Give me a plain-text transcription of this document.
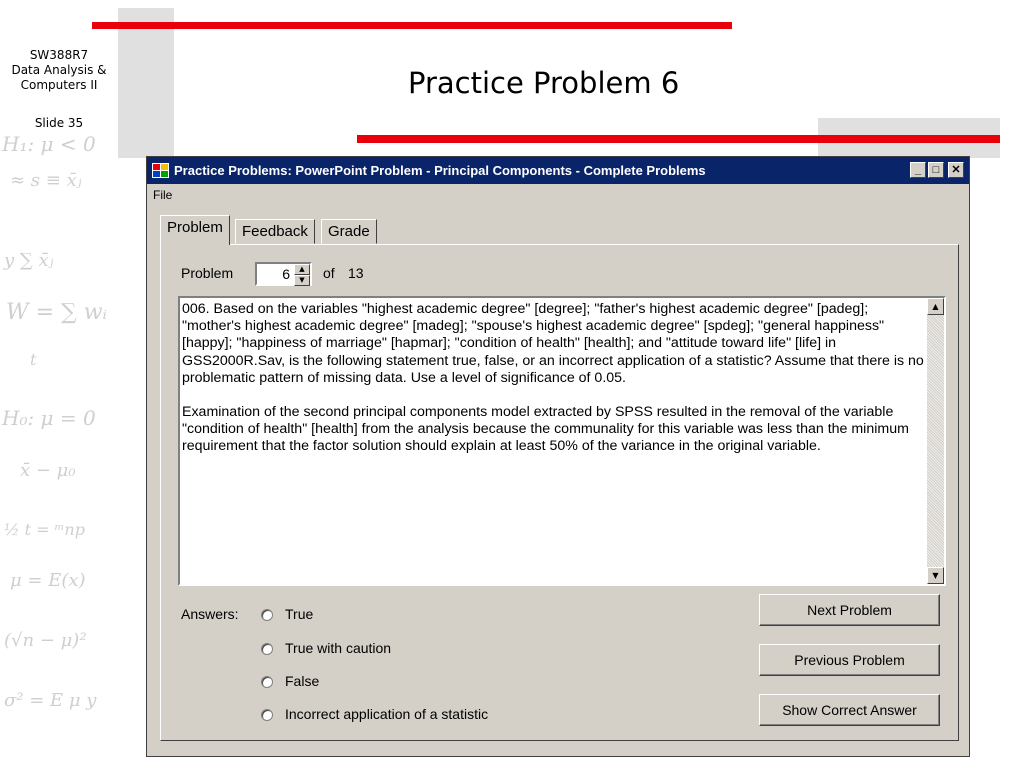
H₁: μ < 0
≈ s ≡ x̄ⱼ
y ∑ x̄ⱼ
W = ∑ wᵢ
t
H₀: μ = 0
x̄ − μ₀
½ t = ᵐnp
μ = E(x)
(√n − μ)²
σ² = E μ y
SW388R7
Data Analysis &
Computers II
Slide 35
Practice Problem 6
Practice Problems: PowerPoint Problem - Principal Components - Complete Problems	_	□	✕
File
Problem	Feedback	Grade
Problem	6	▲
▼	of 13

006. Based on the variables "highest academic degree" [degree]; "father's highest academic degree" [padeg]; "mother's highest academic degree" [madeg]; "spouse's highest academic degree" [spdeg]; "general happiness" [happy]; "happiness of marriage" [hapmar]; "condition of health" [health]; and "attitude toward life" [life] in GSS2000R.Sav, is the following statement true, false, or an incorrect application of a statistic? Assume that there is no problematic pattern of missing data. Use a level of significance of 0.05.

Examination of the second principal components model extracted by SPSS resulted in the removal of the variable "condition of health" [health] from the analysis because the communality for this variable was less than the minimum requirement that the factor solution should explain at least 50% of the variance in the original variable.

▲
▼
Answers:	True
True with caution
False
Incorrect application of a statistic
Next Problem
Previous Problem
Show Correct Answer
